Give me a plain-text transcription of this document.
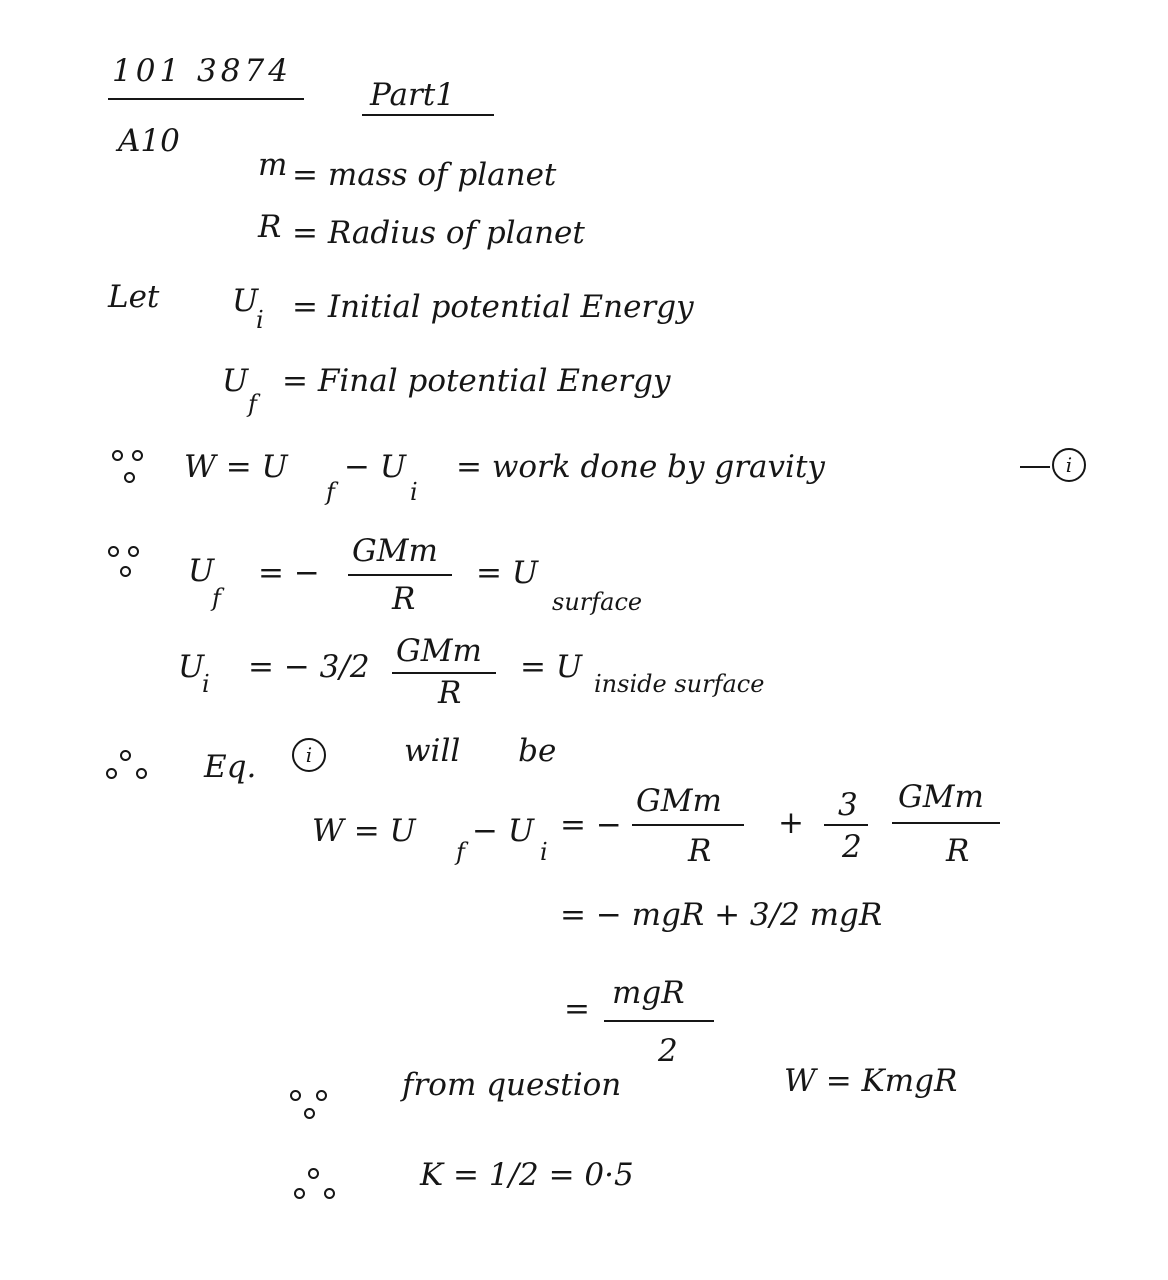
101 3874
Part1
A10
m = mass of planet
R = Radius of planet
Let U
i = Initial potential Energy
U
f
= Final potential Energy
W = U
f
− U
i
= work done by gravity	i
U
f
= −
GMm
R
= U
surface
U
i = − 3/2 GMm
R
= U inside surface
Eq.	i	will be
W = U
f
− U
i
= −
GMm
R
+ 3
2
GMm
R
= − mgR + 3/2 mgR
= mgR
2
from question	W = KmgR
K = 1/2 = 0·5
